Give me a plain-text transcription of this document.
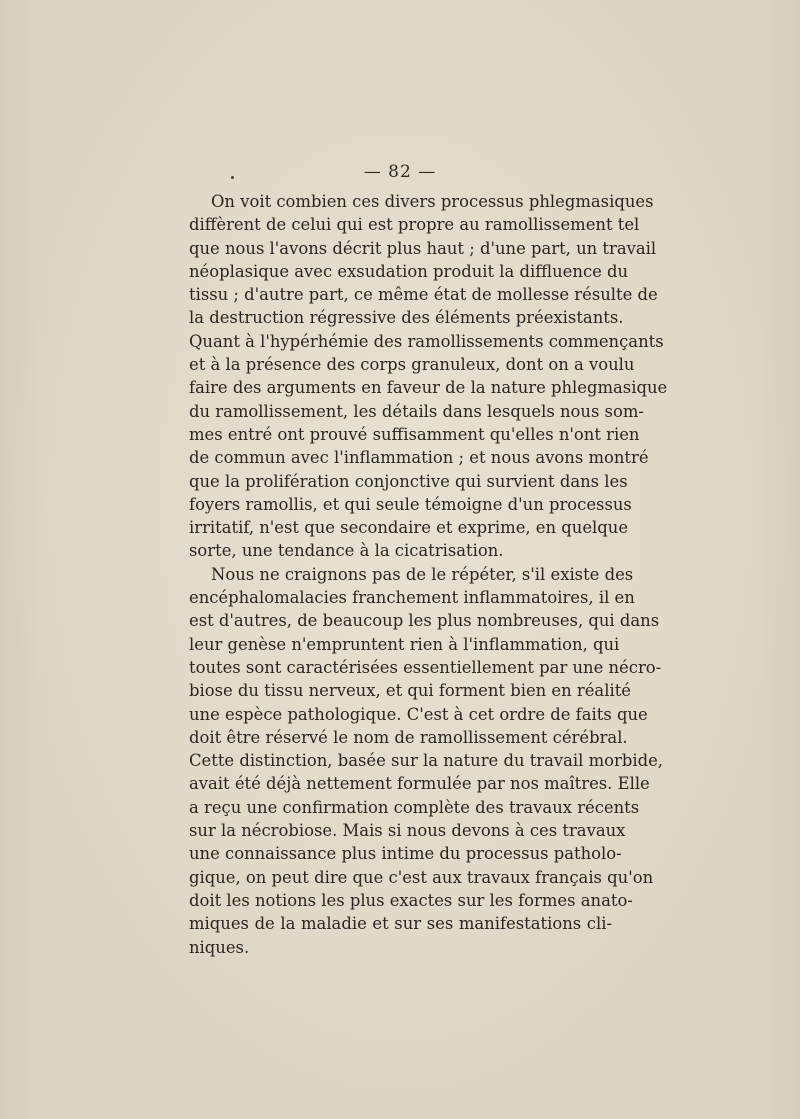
— 82 —
On voit combien ces divers processus phlegmasiques
diffèrent de celui qui est propre au ramollissement tel
que nous l'avons décrit plus haut ; d'une part, un travail
néoplasique avec exsudation produit la diffluence du
tissu ; d'autre part, ce même état de mollesse résulte de
la destruction régressive des éléments préexistants.
Quant à l'hypérhémie des ramollissements commençants
et à la présence des corps granuleux, dont on a voulu
faire des arguments en faveur de la nature phlegmasique
du ramollissement, les détails dans lesquels nous som-
mes entré ont prouvé suffisamment qu'elles n'ont rien
de commun avec l'inflammation ; et nous avons montré
que la prolifération conjonctive qui survient dans les
foyers ramollis, et qui seule témoigne d'un processus
irritatif, n'est que secondaire et exprime, en quelque
sorte, une tendance à la cicatrisation.
Nous ne craignons pas de le répéter, s'il existe des
encéphalomalacies franchement inflammatoires, il en
est d'autres, de beaucoup les plus nombreuses, qui dans
leur genèse n'empruntent rien à l'inflammation, qui
toutes sont caractérisées essentiellement par une nécro-
biose du tissu nerveux, et qui forment bien en réalité
une espèce pathologique. C'est à cet ordre de faits que
doit être réservé le nom de ramollissement cérébral.
Cette distinction, basée sur la nature du travail morbide,
avait été déjà nettement formulée par nos maîtres. Elle
a reçu une confirmation complète des travaux récents
sur la nécrobiose. Mais si nous devons à ces travaux
une connaissance plus intime du processus patholo-
gique, on peut dire que c'est aux travaux français qu'on
doit les notions les plus exactes sur les formes anato-
miques de la maladie et sur ses manifestations cli-
niques.
